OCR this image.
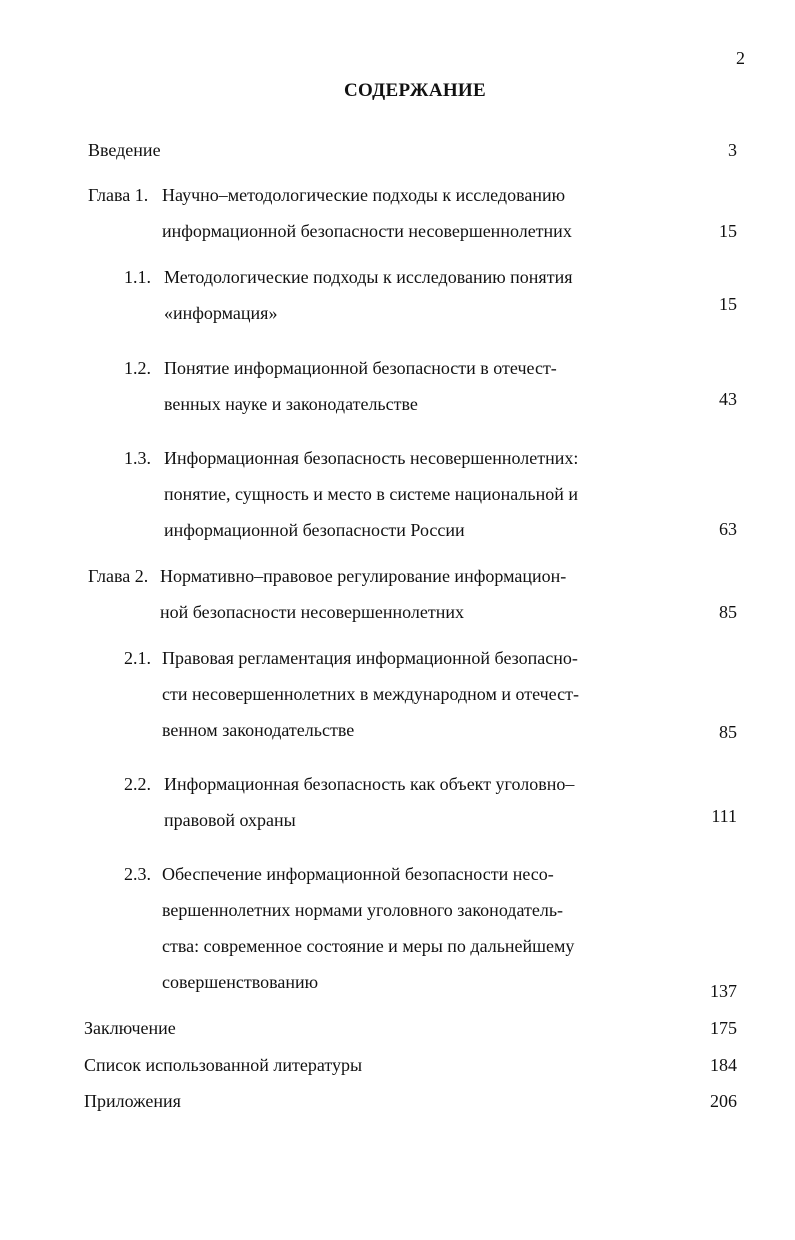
2
СОДЕРЖАНИЕ
Введение	3
Глава 1. Научно–методологические подходы к исследованию
информационной безопасности несовершеннолетних	15
1.1. Методологические подходы к исследованию понятия
«информация»	15
1.2. Понятие информационной безопасности в отечест-
венных науке и законодательстве	43
1.3. Информационная безопасность несовершеннолетних:
понятие, сущность и место в системе национальной и
информационной безопасности России	63
Глава 2. Нормативно–правовое регулирование информацион-
ной безопасности несовершеннолетних	85
2.1. Правовая регламентация информационной безопасно-
сти несовершеннолетних в международном и отечест-
венном законодательстве	85
2.2. Информационная безопасность как объект уголовно–
правовой охраны	111
2.3. Обеспечение информационной безопасности несо-
вершеннолетних нормами уголовного законодатель-
ства: современное состояние и меры по дальнейшему
совершенствованию	137
Заключение	175
Список использованной литературы	184
Приложения	206
